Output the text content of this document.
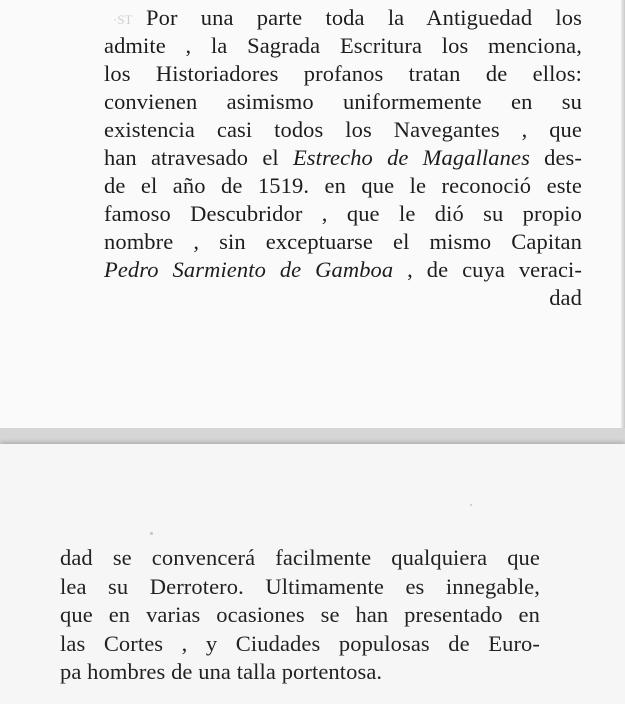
·ST Por una parte toda la Antiguedad los
admite , la Sagrada Escritura los menciona,
los Historiadores profanos tratan de ellos:
convienen asimismo uniformemente en su
existencia casi todos los Navegantes , que
han atravesado el Estrecho de Magallanes des-
de el año de 1519. en que le reconoció este
famoso Descubridor , que le dió su propio
nombre , sin exceptuarse el mismo Capitan
Pedro Sarmiento de Gamboa , de cuya veraci-
dad
dad se convencerá facilmente qualquiera que
lea su Derrotero. Ultimamente es innegable,
que en varias ocasiones se han presentado en
las Cortes , y Ciudades populosas de Euro-
pa hombres de una talla portentosa.
